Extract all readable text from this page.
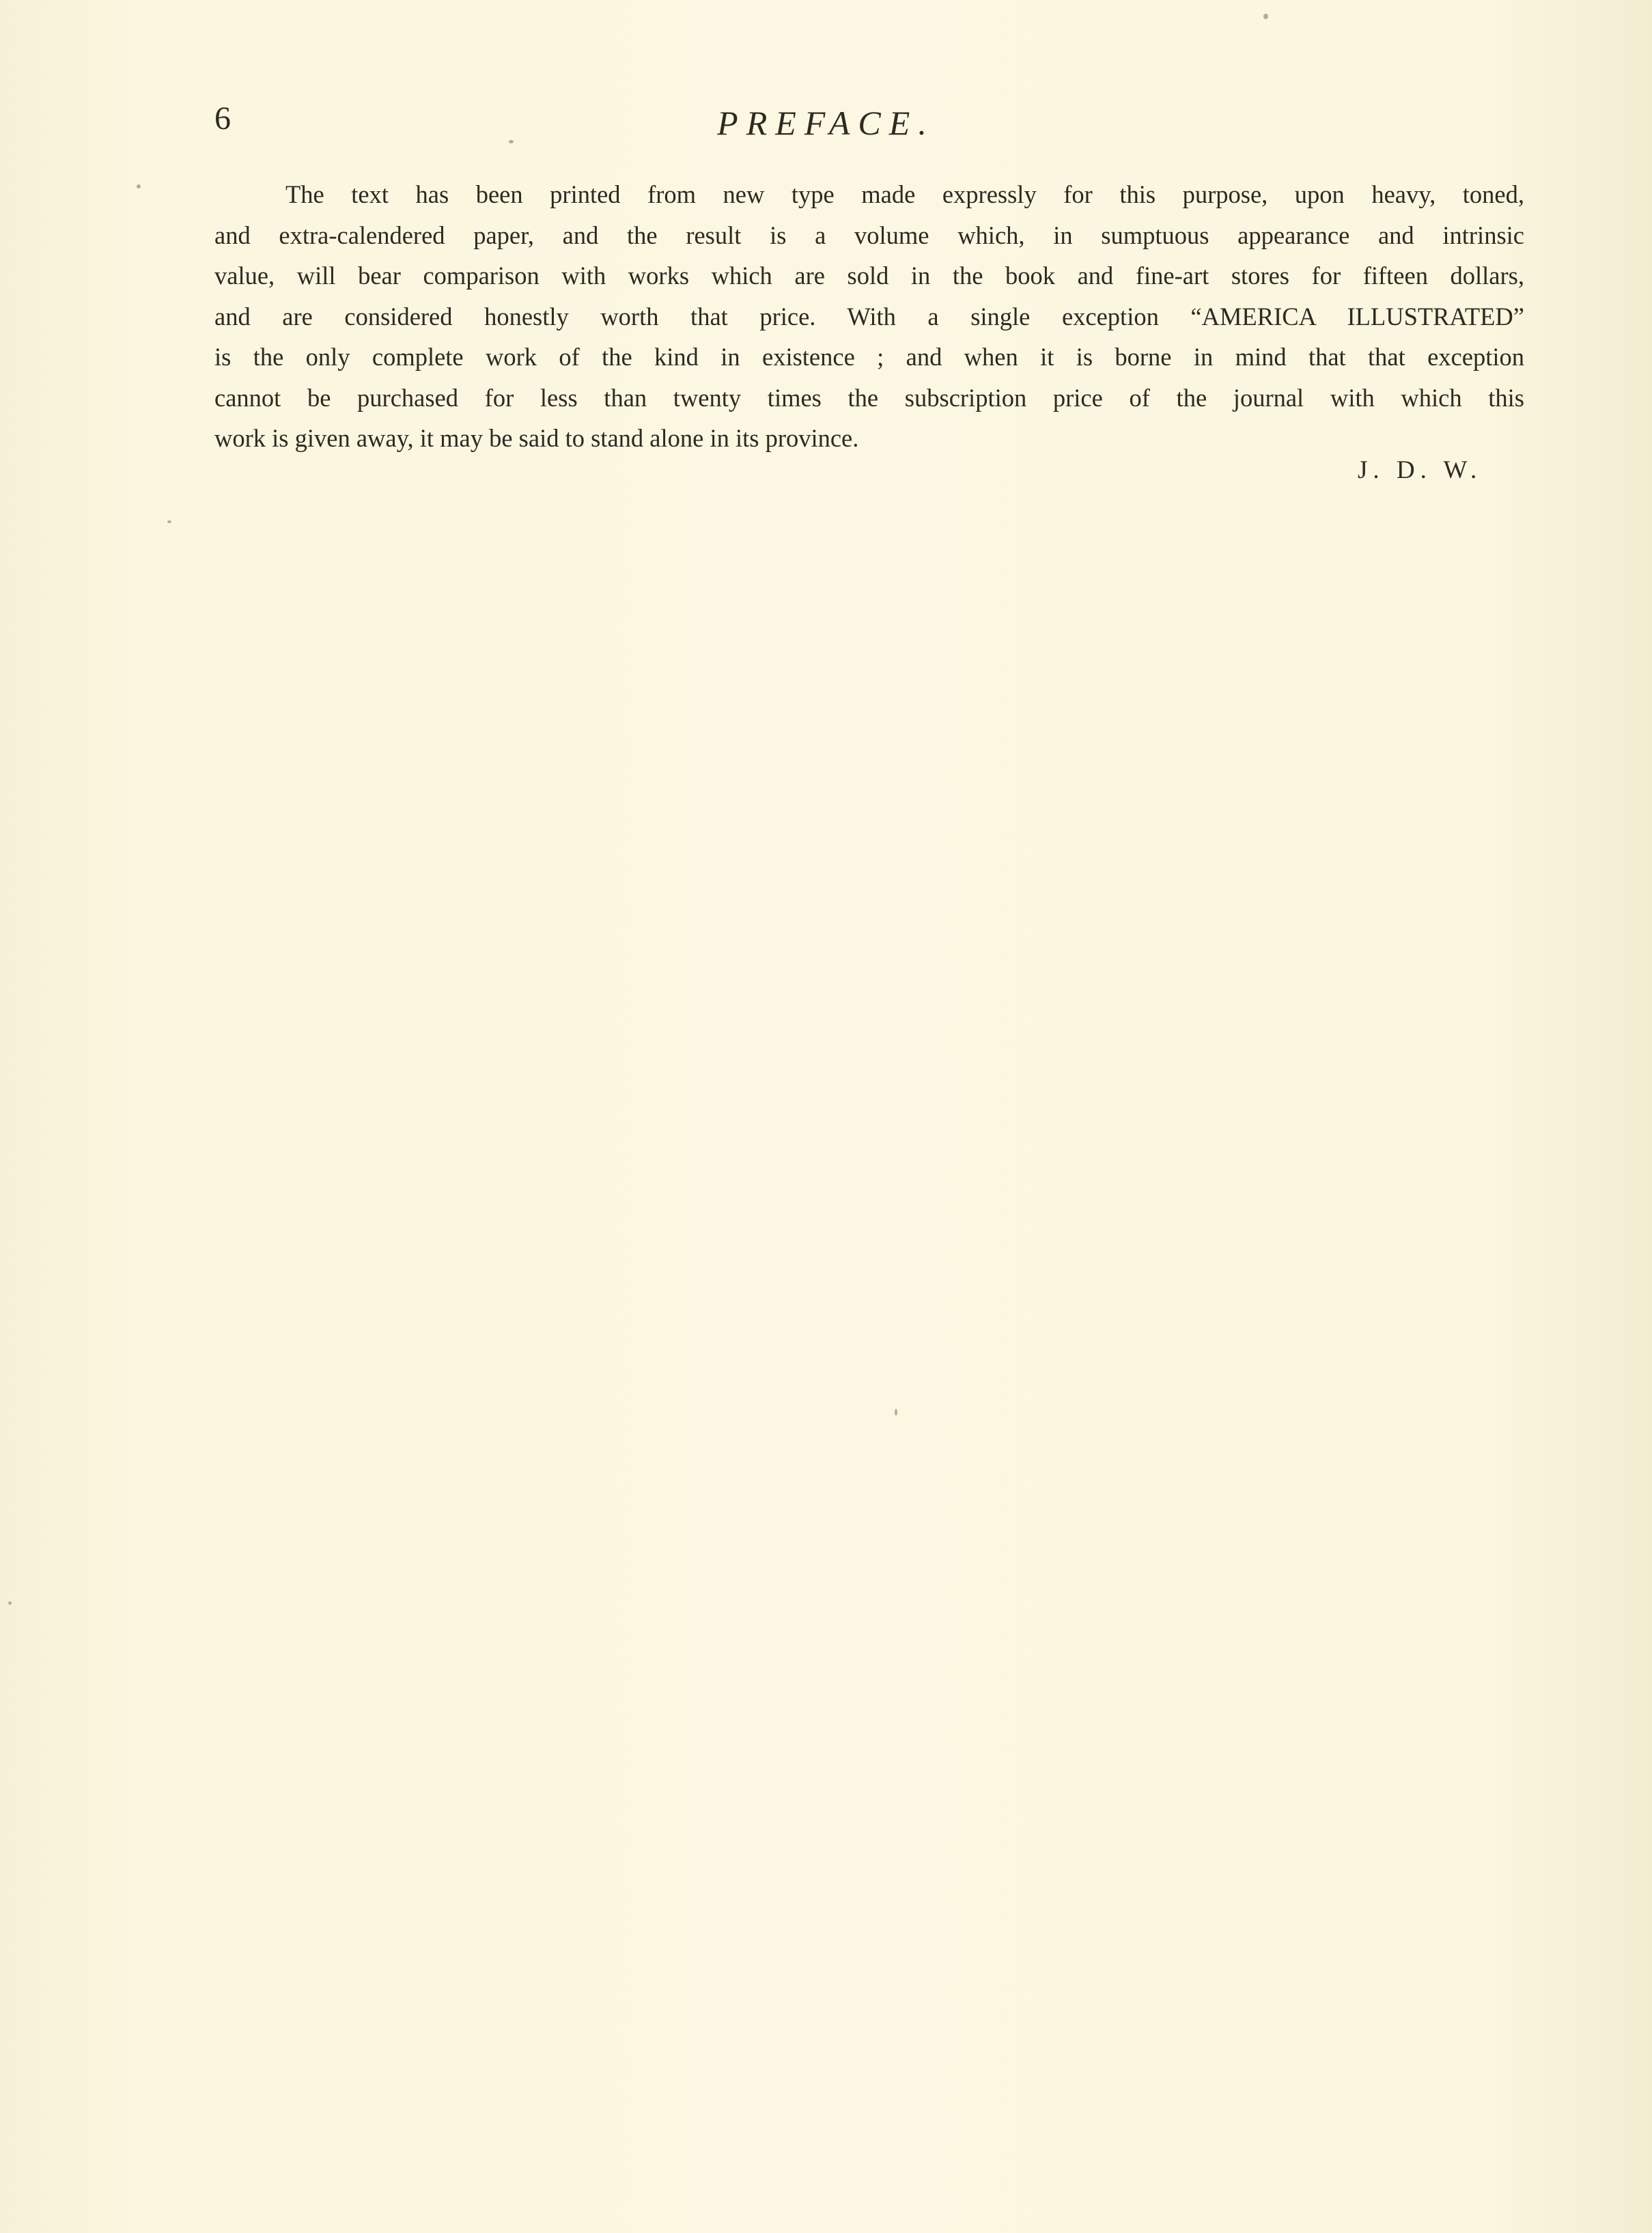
6	PREFACE.
The text has been printed from new type made expressly for this purpose, upon heavy, toned,
and extra-calendered paper, and the result is a volume which, in sumptuous appearance and intrinsic
value, will bear comparison with works which are sold in the book and fine-art stores for fifteen dollars,
and are considered honestly worth that price. With a single exception “AMERICA ILLUSTRATED”
is the only complete work of the kind in existence ; and when it is borne in mind that that exception
cannot be purchased for less than twenty times the subscription price of the journal with which this
work is given away, it may be said to stand alone in its province.
J. D. W.
